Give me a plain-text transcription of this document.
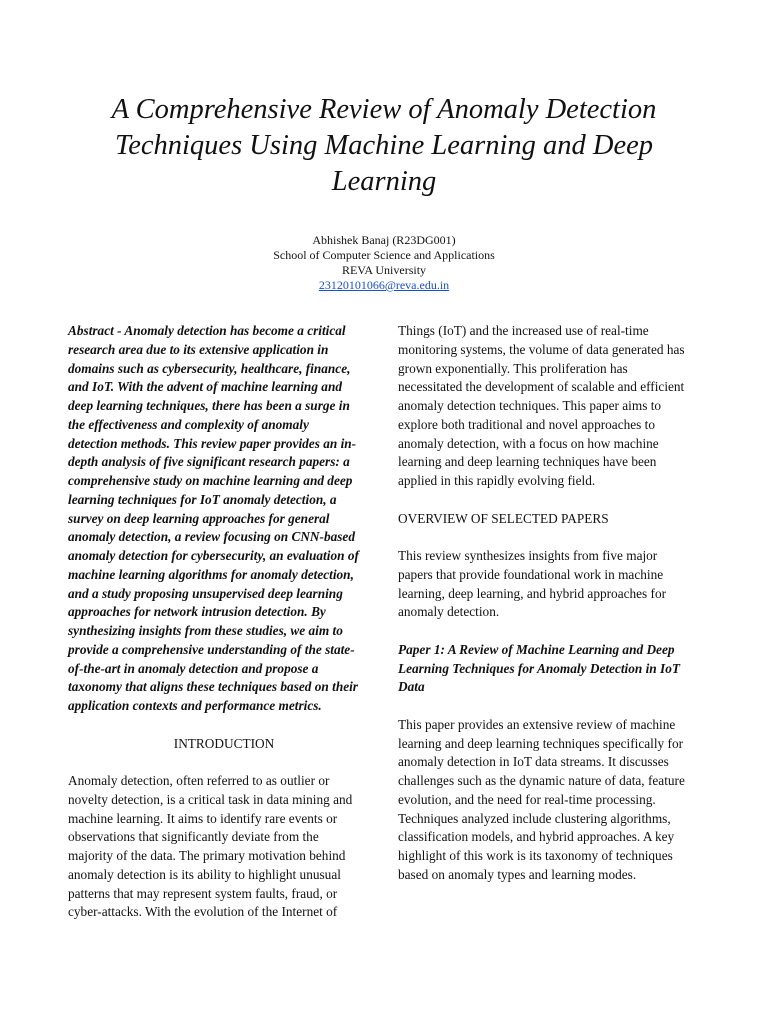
A Comprehensive Review of Anomaly Detection
Techniques Using Machine Learning and Deep
Learning
Abhishek Banaj (R23DG001)
School of Computer Science and Applications
REVA University
23120101066@reva.edu.in
Abstract - Anomaly detection has become a critical
research area due to its extensive application in
domains such as cybersecurity, healthcare, finance,
and IoT. With the advent of machine learning and
deep learning techniques, there has been a surge in
the effectiveness and complexity of anomaly
detection methods. This review paper provides an in-
depth analysis of five significant research papers: a
comprehensive study on machine learning and deep
learning techniques for IoT anomaly detection, a
survey on deep learning approaches for general
anomaly detection, a review focusing on CNN-based
anomaly detection for cybersecurity, an evaluation of
machine learning algorithms for anomaly detection,
and a study proposing unsupervised deep learning
approaches for network intrusion detection. By
synthesizing insights from these studies, we aim to
provide a comprehensive understanding of the state-
of-the-art in anomaly detection and propose a
taxonomy that aligns these techniques based on their
application contexts and performance metrics.
INTRODUCTION
Anomaly detection, often referred to as outlier or
novelty detection, is a critical task in data mining and
machine learning. It aims to identify rare events or
observations that significantly deviate from the
majority of the data. The primary motivation behind
anomaly detection is its ability to highlight unusual
patterns that may represent system faults, fraud, or
cyber-attacks. With the evolution of the Internet of
Things (IoT) and the increased use of real-time
monitoring systems, the volume of data generated has
grown exponentially. This proliferation has
necessitated the development of scalable and efficient
anomaly detection techniques. This paper aims to
explore both traditional and novel approaches to
anomaly detection, with a focus on how machine
learning and deep learning techniques have been
applied in this rapidly evolving field.
OVERVIEW OF SELECTED PAPERS
This review synthesizes insights from five major
papers that provide foundational work in machine
learning, deep learning, and hybrid approaches for
anomaly detection.
Paper 1: A Review of Machine Learning and Deep
Learning Techniques for Anomaly Detection in IoT
Data
This paper provides an extensive review of machine
learning and deep learning techniques specifically for
anomaly detection in IoT data streams. It discusses
challenges such as the dynamic nature of data, feature
evolution, and the need for real-time processing.
Techniques analyzed include clustering algorithms,
classification models, and hybrid approaches. A key
highlight of this work is its taxonomy of techniques
based on anomaly types and learning modes.
